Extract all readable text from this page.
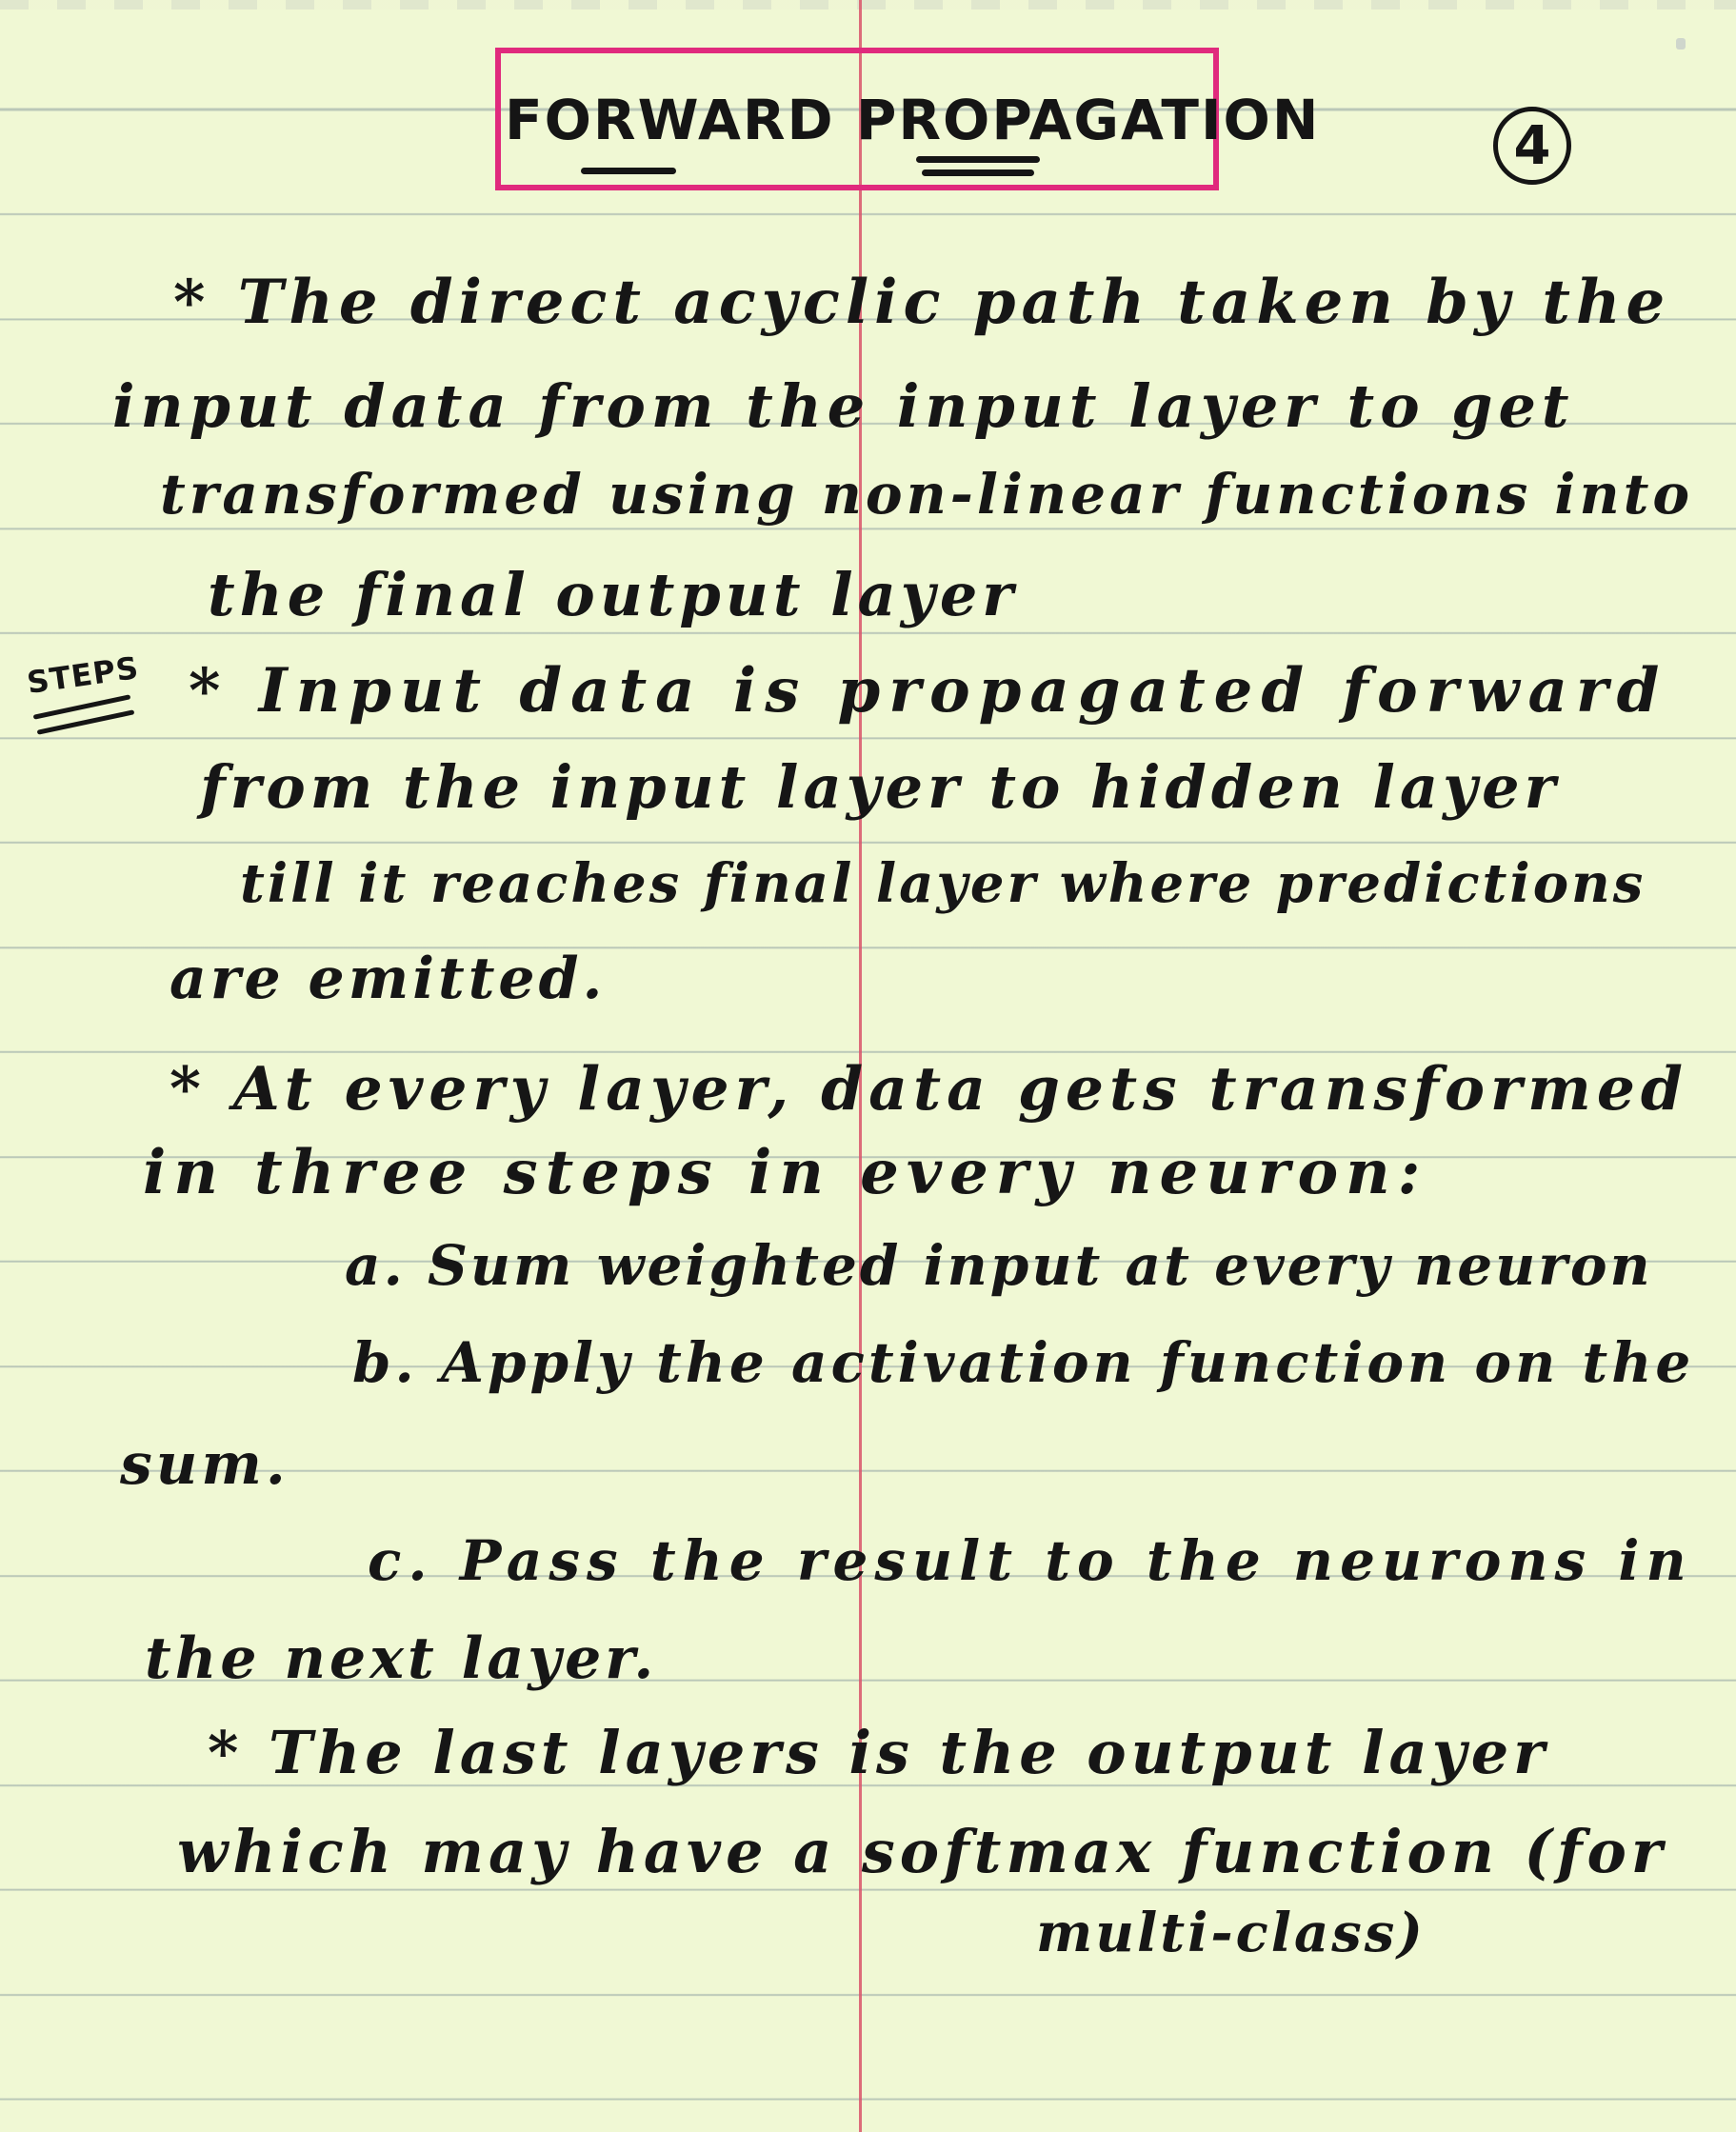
FORWARD PROPAGATION	4
STEPS
* The direct acyclic path taken by the
input data from the input layer to get
transformed using non-linear functions into
the final output layer
* Input data is propagated forward
from the input layer to hidden layer
till it reaches final layer where predictions
are emitted.
* At every layer, data gets transformed
in three steps in every neuron:
a. Sum weighted input at every neuron
b. Apply the activation function on the
sum.
c. Pass the result to the neurons in
the next layer.
* The last layers is the output layer
which may have a softmax function (for
multi-class)
